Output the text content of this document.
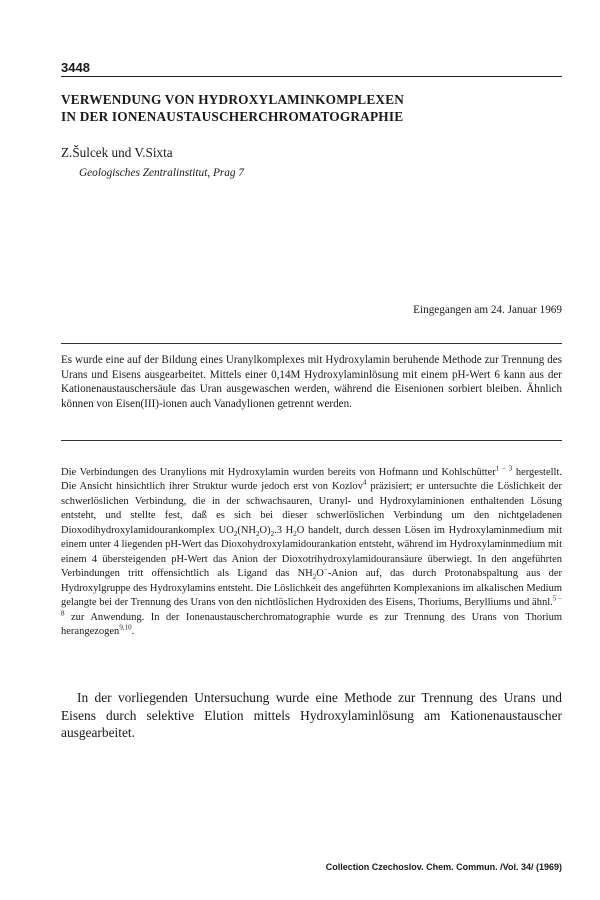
3448
VERWENDUNG VON HYDROXYLAMINKOMPLEXEN
IN DER IONENAUSTAUSCHERCHROMATOGRAPHIE
Z.Šulcek und V.Sixta
Geologisches Zentralinstitut, Prag 7
Eingegangen am 24. Januar 1969

Es wurde eine auf der Bildung eines Uranylkomplexes mit Hydroxylamin beruhende Methode zur Trennung des Urans und Eisens ausgearbeitet. Mittels einer 0,14M Hydroxylaminlösung mit einem pH-Wert 6 kann aus der Kationenaustauschersäule das Uran ausgewaschen werden, während die Eisenionen sorbiert bleiben. Ähnlich können von Eisen(III)-ionen auch Vanadylionen getrennt werden.

Die Verbindungen des Uranylions mit Hydroxylamin wurden bereits von Hofmann und Kohlschütter$^{1 - 3}$ hergestellt. Die Ansicht hinsichtlich ihrer Struktur wurde jedoch erst von Kozlov$^4$ präzisiert; er untersuchte die Löslichkeit der schwerlöslichen Verbindung, die in der schwachsauren, Uranyl- und Hydroxylaminionen enthaltenden Lösung entsteht, und stellte fest, daß es sich bei dieser schwerlöslichen Verbindung um den nichtgeladenen Dioxodihydroxylamidourankomplex $UO_2(NH_2O)_2.3$ $H_2O$ handelt, durch dessen Lösen im Hydroxylaminmedium mit einem unter 4 liegenden pH-Wert das Dioxohydroxylamidourankation entsteht, während im Hydroxylaminmedium mit einem 4 übersteigenden pH-Wert das Anion der Dioxotrihydroxylamidouransäure überwiegt. In den angeführten Verbindungen tritt offensichtlich als Ligand das $NH_2O^-$-Anion auf, das durch Protonabspaltung aus der Hydroxylgruppe des Hydroxylamins entsteht. Die Löslichkeit des angeführten Komplexanions im alkalischen Medium gelangte bei der Trennung des Urans von den nichtlöslichen Hydroxiden des Eisens, Thoriums, Berylliums und ähnl.$^{5 - 8}$ zur Anwendung. In der Ionenaustauscherchromatographie wurde es zur Trennung des Urans von Thorium herangezogen$^{9,10}$.

In der vorliegenden Untersuchung wurde eine Methode zur Trennung des Urans und Eisens durch selektive Elution mittels Hydroxylaminlösung am Kationenaustauscher ausgearbeitet.

Collection Czechoslov. Chem. Commun. /Vol. 34/ (1969)
